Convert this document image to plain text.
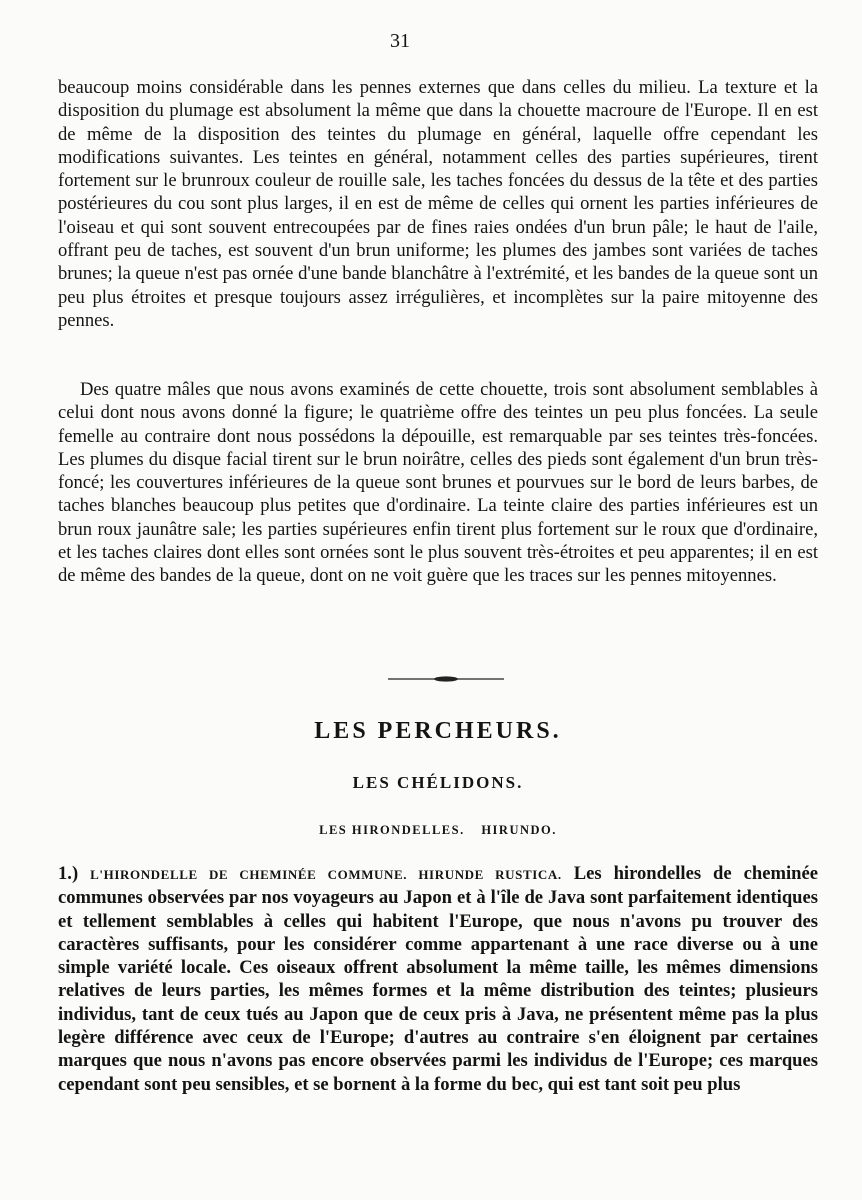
31

beaucoup moins considérable dans les pennes externes que dans celles du milieu. La texture et la disposition du plumage est absolument la même que dans la chouette macroure de l'Europe. Il en est de même de la disposition des teintes du plumage en général, laquelle offre cependant les modifications suivantes. Les teintes en général, notamment celles des parties supérieures, tirent fortement sur le brunroux couleur de rouille sale, les taches foncées du dessus de la tête et des parties postérieures du cou sont plus larges, il en est de même de celles qui ornent les parties inférieures de l'oiseau et qui sont souvent entrecoupées par de fines raies ondées d'un brun pâle; le haut de l'aile, offrant peu de taches, est souvent d'un brun uniforme; les plumes des jambes sont variées de taches brunes; la queue n'est pas ornée d'une bande blanchâtre à l'extrémité, et les bandes de la queue sont un peu plus étroites et presque toujours assez irrégulières, et incomplètes sur la paire mitoyenne des pennes.

Des quatre mâles que nous avons examinés de cette chouette, trois sont absolument semblables à celui dont nous avons donné la figure; le quatrième offre des teintes un peu plus foncées. La seule femelle au contraire dont nous possédons la dépouille, est remarquable par ses teintes très-foncées. Les plumes du disque facial tirent sur le brun noirâtre, celles des pieds sont également d'un brun très-foncé; les couvertures inférieures de la queue sont brunes et pourvues sur le bord de leurs barbes, de taches blanches beaucoup plus petites que d'ordinaire. La teinte claire des parties inférieures est un brun roux jaunâtre sale; les parties supérieures enfin tirent plus fortement sur le roux que d'ordinaire, et les taches claires dont elles sont ornées sont le plus souvent très-étroites et peu apparentes; il en est de même des bandes de la queue, dont on ne voit guère que les traces sur les pennes mitoyennes.

LES PERCHEURS.
LES CHÉLIDONS.
LES HIRONDELLES. HIRUNDO.

1.) L'HIRONDELLE DE CHEMINÉE COMMUNE. HIRUNDE RUSTICA. Les hirondelles de cheminée communes observées par nos voyageurs au Japon et à l'île de Java sont parfaitement identiques et tellement semblables à celles qui habitent l'Europe, que nous n'avons pu trouver des caractères suffisants, pour les considérer comme appartenant à une race diverse ou à une simple variété locale. Ces oiseaux offrent absolument la même taille, les mêmes dimensions relatives de leurs parties, les mêmes formes et la même distribution des teintes; plusieurs individus, tant de ceux tués au Japon que de ceux pris à Java, ne présentent même pas la plus legère différence avec ceux de l'Europe; d'autres au contraire s'en éloignent par certaines marques que nous n'avons pas encore observées parmi les individus de l'Europe; ces marques cependant sont peu sensibles, et se bornent à la forme du bec, qui est tant soit peu plus
